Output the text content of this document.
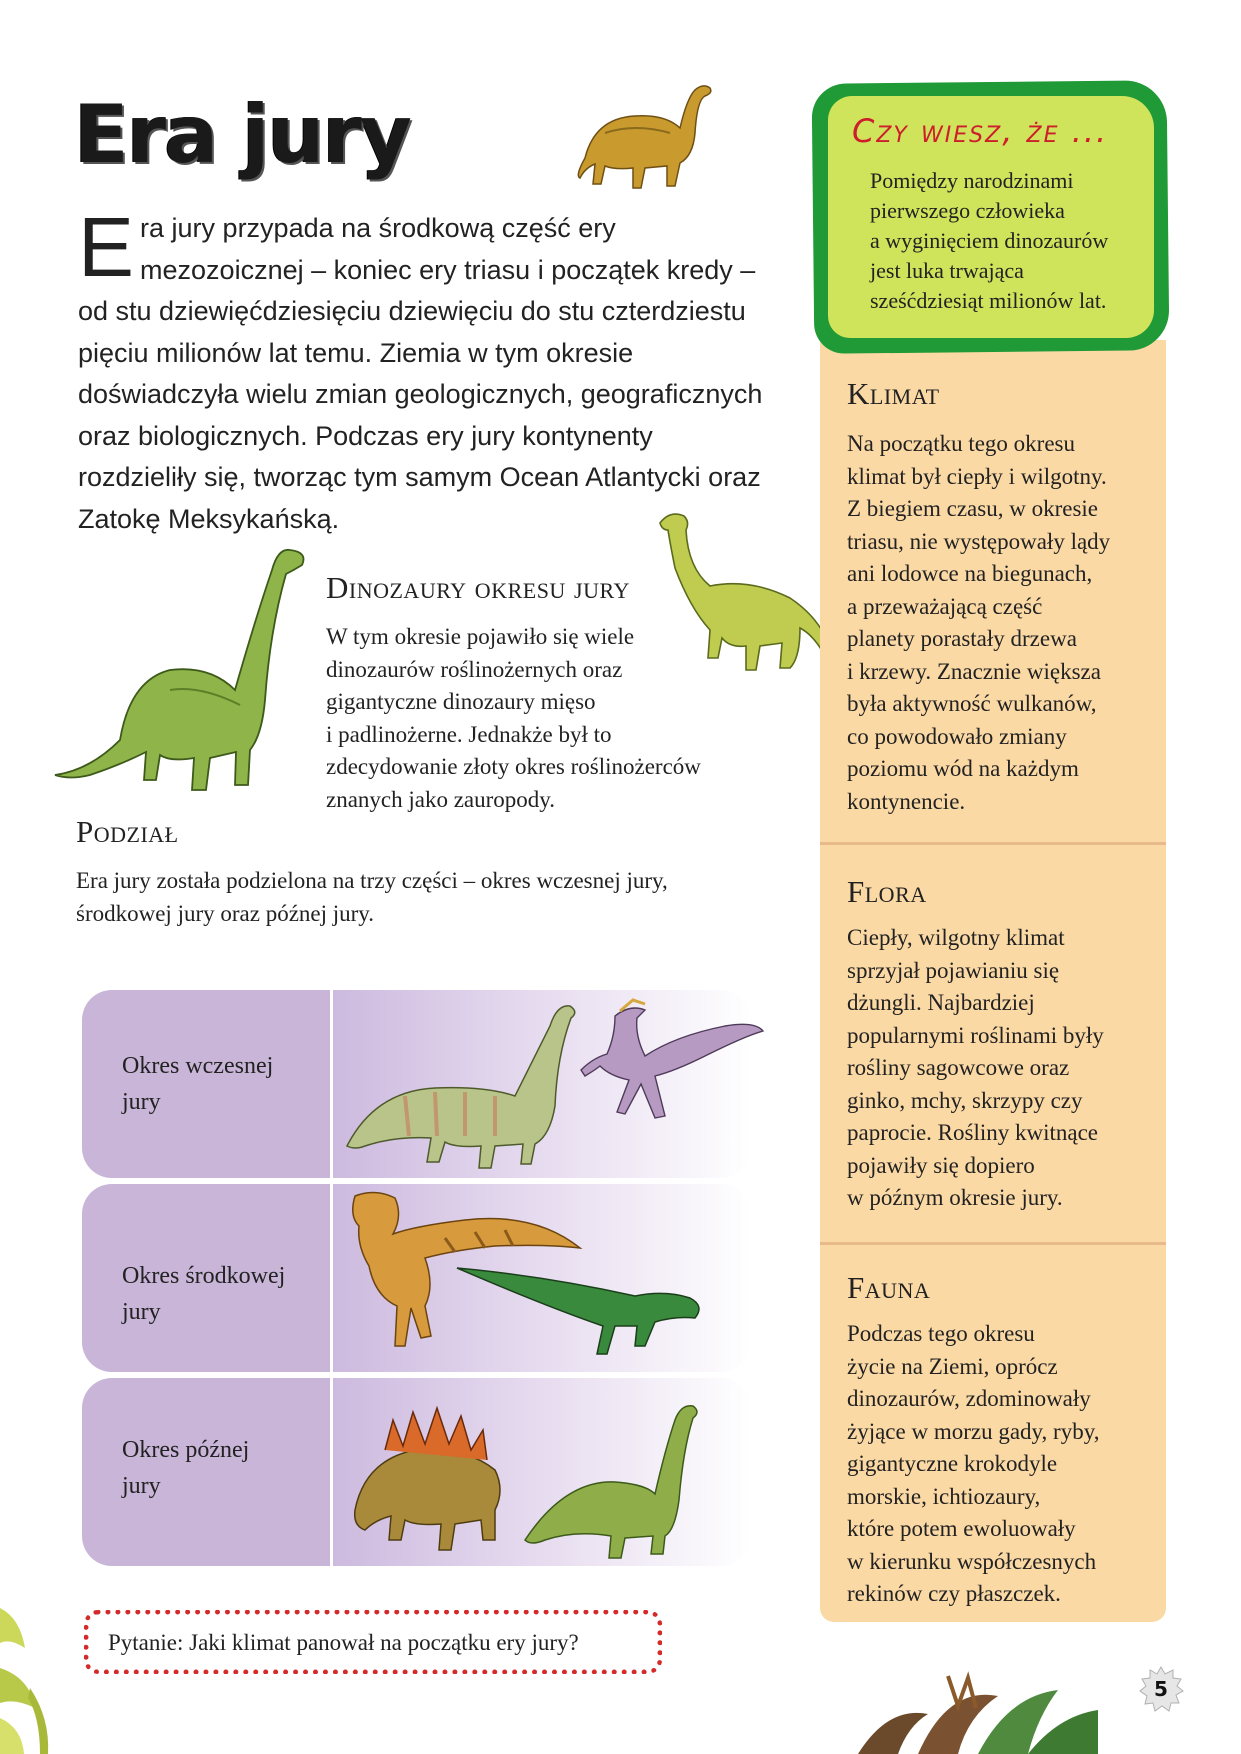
Era jury
Era jury przypada na środkową część ery mezozoicznej – koniec ery triasu i początek kredy – od stu dziewięćdziesięciu dziewięciu do stu czterdziestu pięciu milionów lat temu. Ziemia w tym okresie doświadczyła wielu zmian geologicznych, geograficznych oraz biologicznych. Podczas ery jury kontynenty rozdzieliły się, tworząc tym samym Ocean Atlantycki oraz Zatokę Meksykańską.
Dinozaury okresu jury
W tym okresie pojawiło się wiele
dinozaurów roślinożernych oraz
gigantyczne dinozaury mięso
i padlinożerne. Jednakże był to
zdecydowanie złoty okres roślinożerców
znanych jako zauropody.
Podział
Era jury została podzielona na trzy części – okres wczesnej jury,
środkowej jury oraz późnej jury.
Okres wczesnej
jury
Okres środkowej
jury
Okres późnej
jury
Pytanie: Jaki klimat panował na początku ery jury?
Czy wiesz, że ...
Pomiędzy narodzinami
pierwszego człowieka
a wyginięciem dinozaurów
jest luka trwająca
sześćdziesiąt milionów lat.
Klimat
Na początku tego okresu
klimat był ciepły i wilgotny.
Z biegiem czasu, w okresie
triasu, nie występowały lądy
ani lodowce na biegunach,
a przeważającą część
planety porastały drzewa
i krzewy. Znacznie większa
była aktywność wulkanów,
co powodowało zmiany
poziomu wód na każdym
kontynencie.
Flora
Ciepły, wilgotny klimat
sprzyjał pojawianiu się
dżungli. Najbardziej
popularnymi roślinami były
rośliny sagowcowe oraz
ginko, mchy, skrzypy czy
paprocie. Rośliny kwitnące
pojawiły się dopiero
w późnym okresie jury.
Fauna
Podczas tego okresu
życie na Ziemi, oprócz
dinozaurów, zdominowały
żyjące w morzu gady, ryby,
gigantyczne krokodyle
morskie, ichtiozaury,
które potem ewoluowały
w kierunku współczesnych
rekinów czy płaszczek.
5
